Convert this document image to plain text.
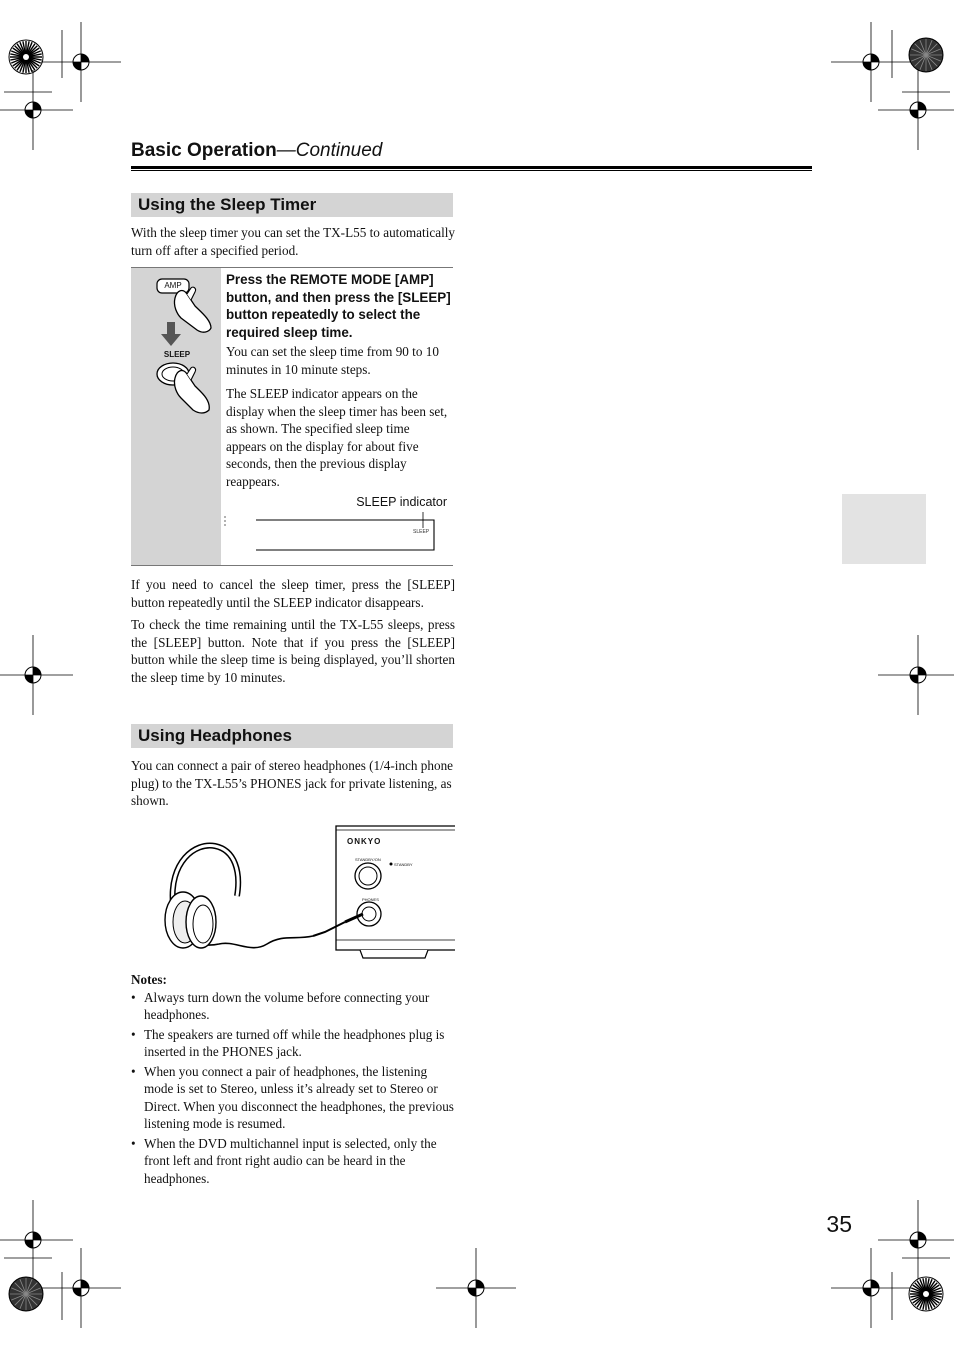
Basic Operation—Continued
Using the Sleep Timer
With the sleep timer you can set the TX-L55 to automatically turn off after a specified period.
AMP
SLEEP
Press the REMOTE MODE [AMP] button, and then press the [SLEEP] button repeatedly to select the required sleep time.
You can set the sleep time from 90 to 10 minutes in 10 minute steps.
The SLEEP indicator appears on the display when the sleep timer has been set, as shown. The specified sleep time appears on the display for about five seconds, then the previous display reappears.
SLEEP indicator
SLEEP
If you need to cancel the sleep timer, press the [SLEEP] button repeatedly until the SLEEP indicator disappears.
To check the time remaining until the TX-L55 sleeps, press the [SLEEP] button. Note that if you press the [SLEEP] button while the sleep time is being displayed, you’ll shorten the sleep time by 10 minutes.
Using Headphones
You can connect a pair of stereo headphones (1/4-inch phone plug) to the TX-L55’s PHONES jack for private listening, as shown.
ONKYO
STANDBY/ON
STANDBY
PHONES
Notes:
• Always turn down the volume before connecting your headphones.
• The speakers are turned off while the headphones plug is inserted in the PHONES jack.
• When you connect a pair of headphones, the listening mode is set to Stereo, unless it’s already set to Stereo or Direct. When you disconnect the headphones, the previous listening mode is resumed.
• When the DVD multichannel input is selected, only the front left and front right audio can be heard in the headphones.
35
